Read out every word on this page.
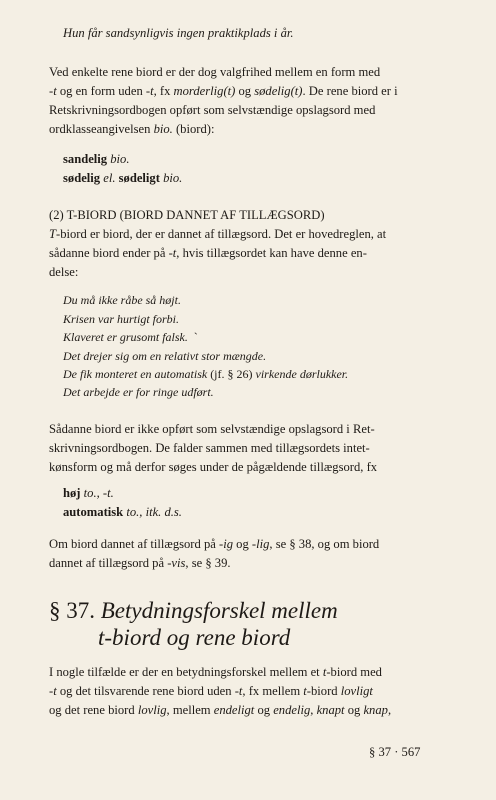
Hun får sandsynligvis ingen praktikplads i år.
Ved enkelte rene biord er der dog valgfrihed mellem en form med
-t og en form uden -t, fx morderlig(t) og sødelig(t). De rene biord er i
Retskrivningsordbogen opført som selvstændige opslagsord med
ordklasseangivelsen bio. (biord):
sandelig bio.
sødelig el. sødeligt bio.
(2) T-BIORD (BIORD DANNET AF TILLÆGSORD)
T-biord er biord, der er dannet af tillægsord. Det er hovedreglen, at
sådanne biord ender på -t, hvis tillægsordet kan have denne en-
delse:
Du må ikke råbe så højt.
Krisen var hurtigt forbi.
Klaveret er grusomt falsk. `
Det drejer sig om en relativt stor mængde.
De fik monteret en automatisk (jf. § 26) virkende dørlukker.
Det arbejde er for ringe udført.
Sådanne biord er ikke opført som selvstændige opslagsord i Ret-
skrivningsordbogen. De falder sammen med tillægsordets intet-
kønsform og må derfor søges under de pågældende tillægsord, fx
høj to., -t.
automatisk to., itk. d.s.
Om biord dannet af tillægsord på -ig og -lig, se § 38, og om biord
dannet af tillægsord på -vis, se § 39.
§ 37. Betydningsforskel mellem
t-biord og rene biord
I nogle tilfælde er der en betydningsforskel mellem et t-biord med
-t og det tilsvarende rene biord uden -t, fx mellem t-biord lovligt
og det rene biord lovlig, mellem endeligt og endelig, knapt og knap,
§ 37 · 567
